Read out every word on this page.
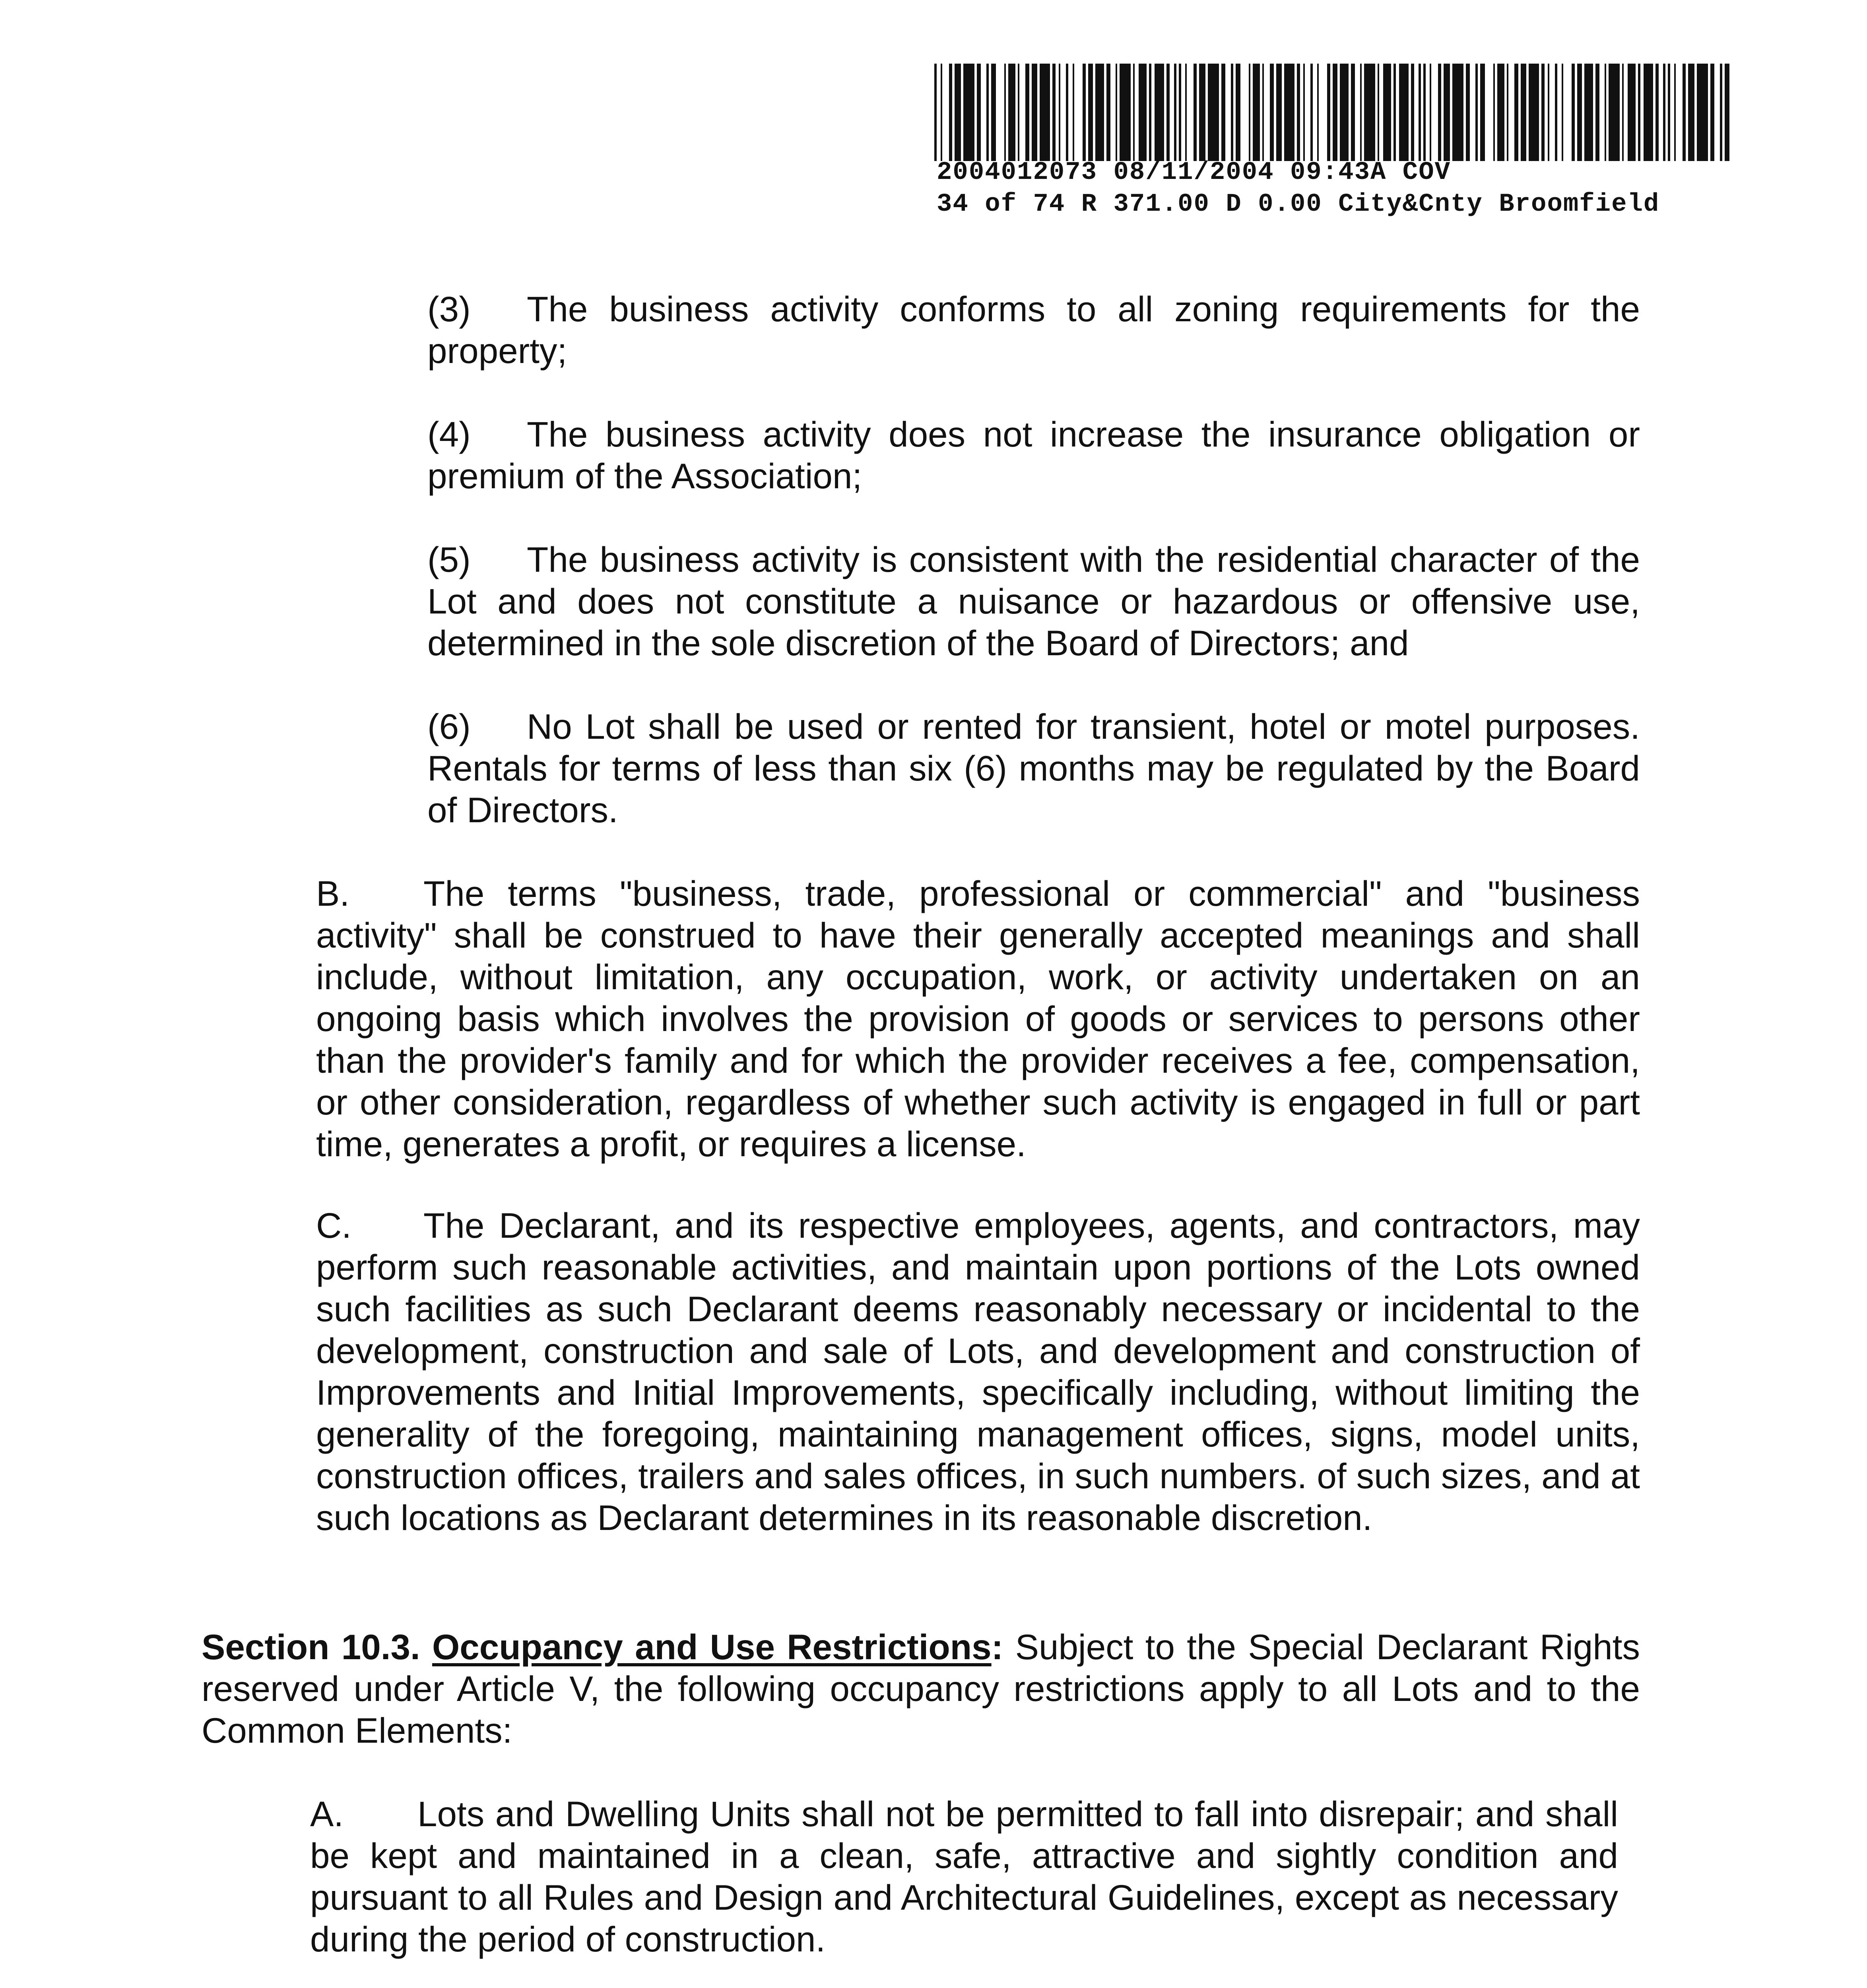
2004012073 08/11/2004 09:43A COV
34 of 74 R 371.00 D 0.00 City&Cnty Broomfield

(3) The business activity conforms to all zoning requirements for the property;

(4) The business activity does not increase the insurance obligation or premium of the Association;

(5) The business activity is consistent with the residential character of the Lot and does not constitute a nuisance or hazardous or offensive use, determined in the sole discretion of the Board of Directors; and

(6) No Lot shall be used or rented for transient, hotel or motel purposes. Rentals for terms of less than six (6) months may be regulated by the Board of Directors.

B. The terms "business, trade, professional or commercial" and "business activity" shall be construed to have their generally accepted meanings and shall include, without limitation, any occupation, work, or activity undertaken on an ongoing basis which involves the provision of goods or services to persons other than the provider's family and for which the provider receives a fee, compensation, or other consideration, regardless of whether such activity is engaged in full or part time, generates a profit, or requires a license.

C. The Declarant, and its respective employees, agents, and contractors, may perform such reasonable activities, and maintain upon portions of the Lots owned such facilities as such Declarant deems reasonably necessary or incidental to the development, construction and sale of Lots, and development and construction of Improvements and Initial Improvements, specifically including, without limiting the generality of the foregoing, maintaining management offices, signs, model units, construction offices, trailers and sales offices, in such numbers. of such sizes, and at such locations as Declarant determines in its reasonable discretion.

Section 10.3. Occupancy and Use Restrictions: Subject to the Special Declarant Rights reserved under Article V, the following occupancy restrictions apply to all Lots and to the Common Elements:

A. Lots and Dwelling Units shall not be permitted to fall into disrepair; and shall be kept and maintained in a clean, safe, attractive and sightly condition and pursuant to all Rules and Design and Architectural Guidelines, except as necessary during the period of construction.
